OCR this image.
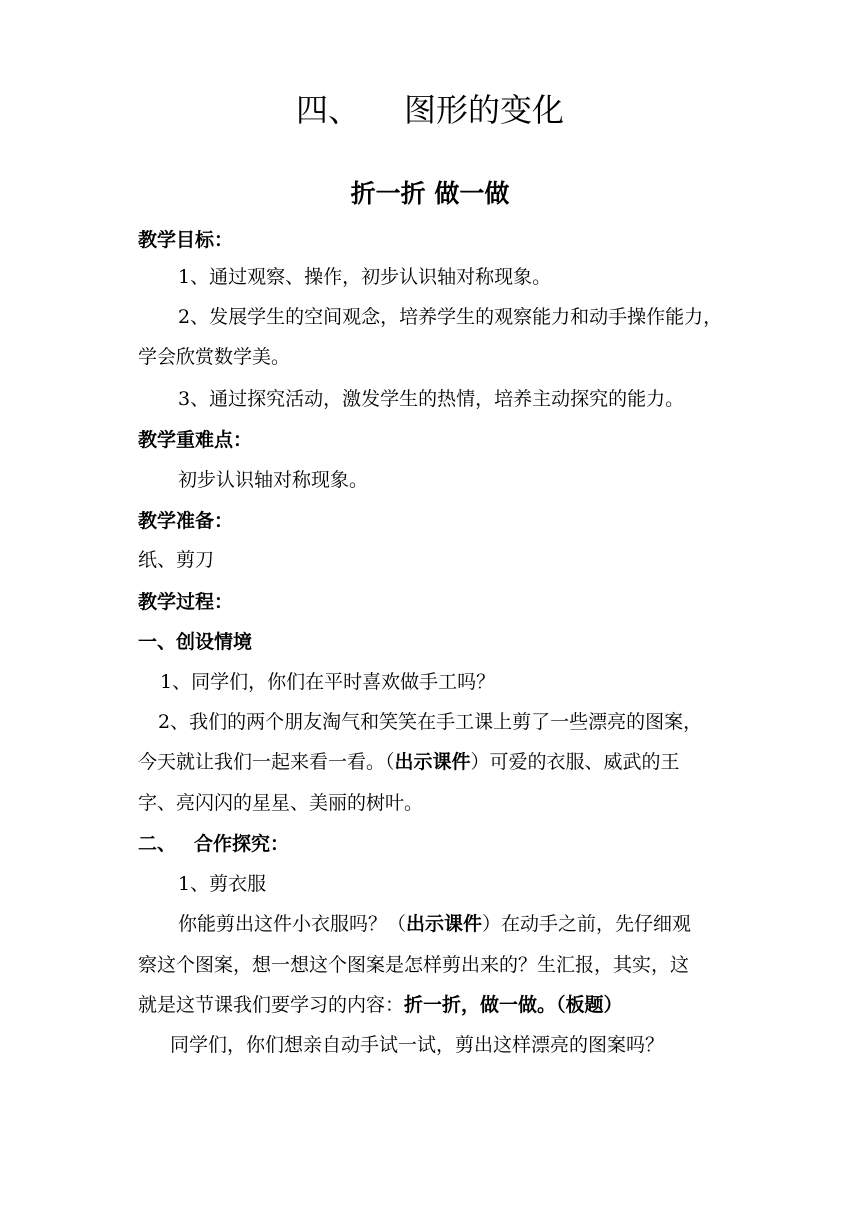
四、 图形的变化
折一折 做一做
教学目标：
1、通过观察、操作，初步认识轴对称现象。
2、发展学生的空间观念，培养学生的观察能力和动手操作能力，
学会欣赏数学美。
3、通过探究活动，激发学生的热情，培养主动探究的能力。
教学重难点：
初步认识轴对称现象。
教学准备：
纸、剪刀
教学过程：
一、创设情境
1、同学们，你们在平时喜欢做手工吗？
2、我们的两个朋友淘气和笑笑在手工课上剪了一些漂亮的图案，
今天就让我们一起来看一看。（出示课件）可爱的衣服、威武的王
字、亮闪闪的星星、美丽的树叶。
二、 合作探究：
1、剪衣服
你能剪出这件小衣服吗？（出示课件）在动手之前，先仔细观
察这个图案，想一想这个图案是怎样剪出来的？生汇报，其实，这
就是这节课我们要学习的内容：折一折，做一做。（板题）
同学们，你们想亲自动手试一试，剪出这样漂亮的图案吗？
